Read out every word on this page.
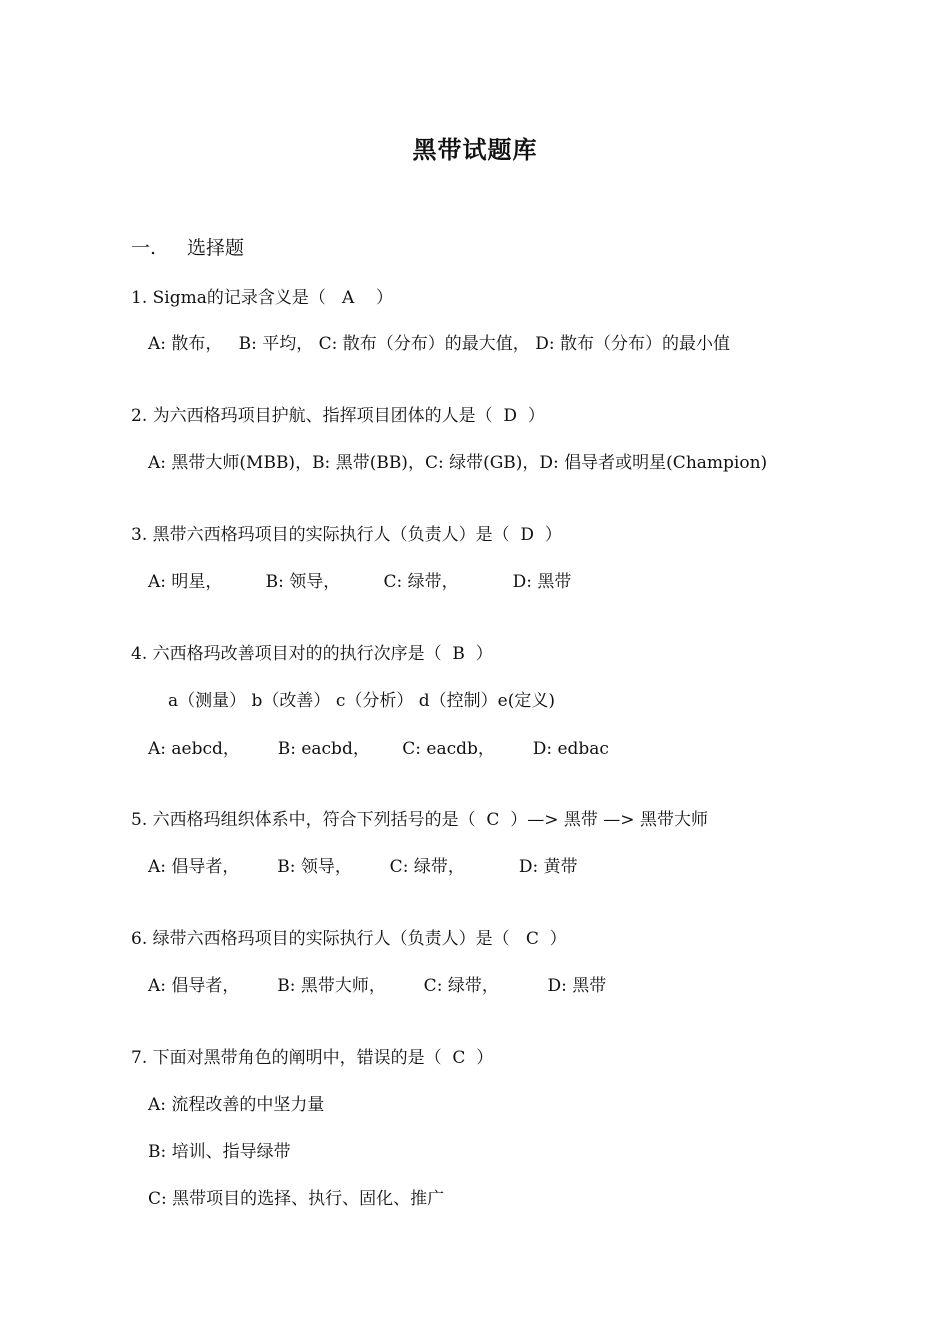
黑带试题库
一. 选择题
1. Sigma的记录含义是（   A    ）
A: 散布，   B: 平均， C: 散布（分布）的最大值， D: 散布（分布）的最小值
2. 为六西格玛项目护航、指挥项目团体的人是（  D  ）
A: 黑带大师(MBB)，B: 黑带(BB)，C: 绿带(GB)，D: 倡导者或明星(Champion)
3. 黑带六西格玛项目的实际执行人（负责人）是（  D  ）
A: 明星，        B: 领导，        C: 绿带，          D: 黑带
4. 六西格玛改善项目对的的执行次序是（  B  ）
a（测量） b（改善） c（分析） d（控制）e(定义)
A: aebcd，       B: eacbd，      C: eacdb，       D: edbac
5. 六西格玛组织体系中，符合下列括号的是（  C  ）—> 黑带 —> 黑带大师
A: 倡导者，       B: 领导，       C: 绿带，          D: 黄带
6. 绿带六西格玛项目的实际执行人（负责人）是（   C  ）
A: 倡导者，       B: 黑带大师，       C: 绿带，         D: 黑带
7. 下面对黑带角色的阐明中，错误的是（  C  ）
A: 流程改善的中坚力量
B: 培训、指导绿带
C: 黑带项目的选择、执行、固化、推广
